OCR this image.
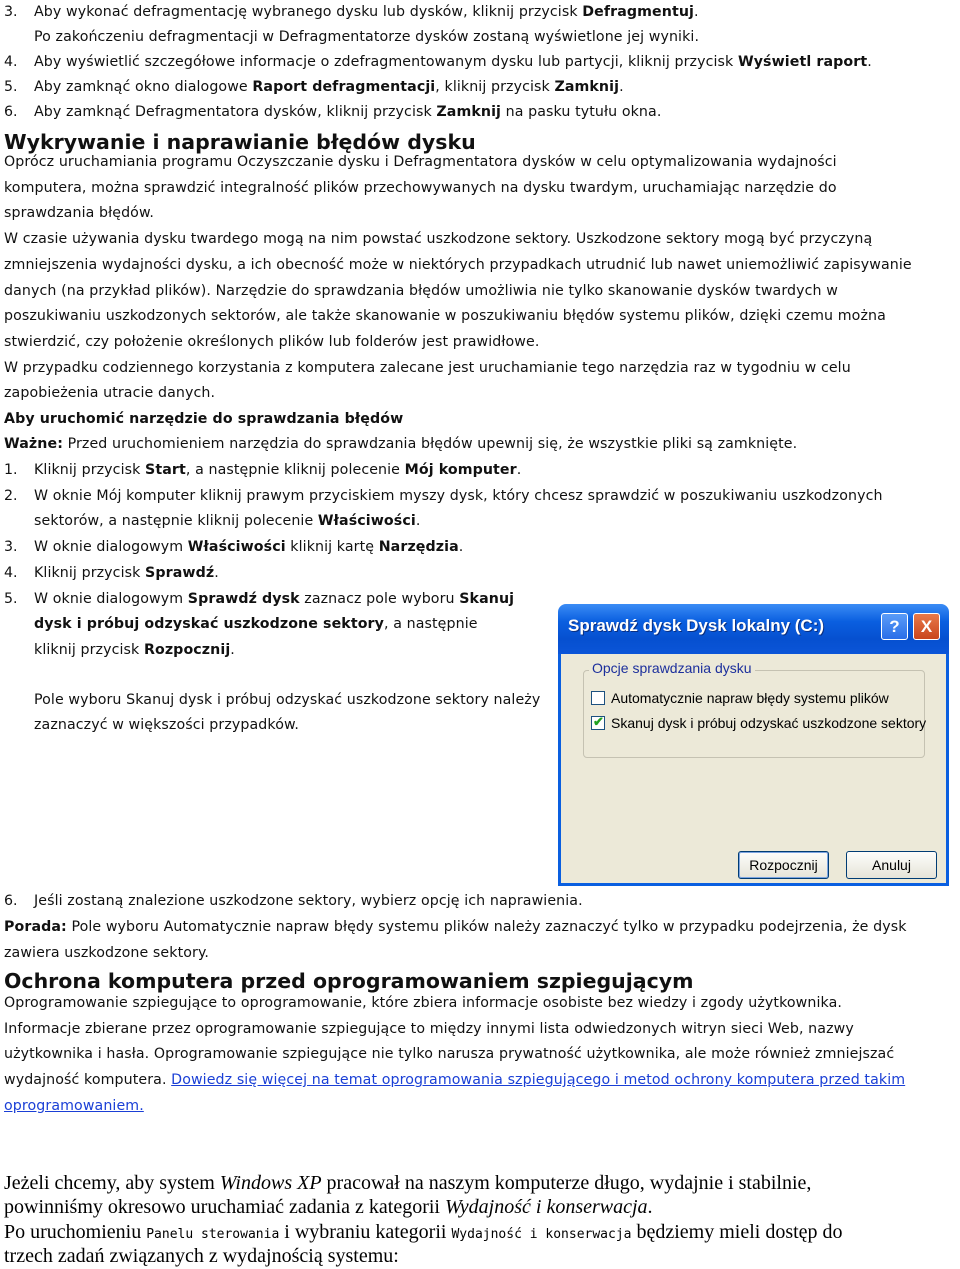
3. Aby wykonać defragmentację wybranego dysku lub dysków, kliknij przycisk Defragmentuj.
Po zakończeniu defragmentacji w Defragmentatorze dysków zostaną wyświetlone jej wyniki.
4. Aby wyświetlić szczegółowe informacje o zdefragmentowanym dysku lub partycji, kliknij przycisk Wyświetl raport.
5. Aby zamknąć okno dialogowe Raport defragmentacji, kliknij przycisk Zamknij.
6. Aby zamknąć Defragmentatora dysków, kliknij przycisk Zamknij na pasku tytułu okna.
Wykrywanie i naprawianie błędów dysku
Oprócz uruchamiania programu Oczyszczanie dysku i Defragmentatora dysków w celu optymalizowania wydajności
komputera, można sprawdzić integralność plików przechowywanych na dysku twardym, uruchamiając narzędzie do
sprawdzania błędów.
W czasie używania dysku twardego mogą na nim powstać uszkodzone sektory. Uszkodzone sektory mogą być przyczyną
zmniejszenia wydajności dysku, a ich obecność może w niektórych przypadkach utrudnić lub nawet uniemożliwić zapisywanie
danych (na przykład plików). Narzędzie do sprawdzania błędów umożliwia nie tylko skanowanie dysków twardych w
poszukiwaniu uszkodzonych sektorów, ale także skanowanie w poszukiwaniu błędów systemu plików, dzięki czemu można
stwierdzić, czy położenie określonych plików lub folderów jest prawidłowe.
W przypadku codziennego korzystania z komputera zalecane jest uruchamianie tego narzędzia raz w tygodniu w celu
zapobieżenia utracie danych.
Aby uruchomić narzędzie do sprawdzania błędów
Ważne: Przed uruchomieniem narzędzia do sprawdzania błędów upewnij się, że wszystkie pliki są zamknięte.
1. Kliknij przycisk Start, a następnie kliknij polecenie Mój komputer.
2. W oknie Mój komputer kliknij prawym przyciskiem myszy dysk, który chcesz sprawdzić w poszukiwaniu uszkodzonych
sektorów, a następnie kliknij polecenie Właściwości.
3. W oknie dialogowym Właściwości kliknij kartę Narzędzia.
4. Kliknij przycisk Sprawdź.
5. W oknie dialogowym Sprawdź dysk zaznacz pole wyboru Skanuj
dysk i próbuj odzyskać uszkodzone sektory, a następnie
kliknij przycisk Rozpocznij.
Pole wyboru Skanuj dysk i próbuj odzyskać uszkodzone sektory należy
zaznaczyć w większości przypadków.
Sprawdź dysk Dysk lokalny (C:)	?	X
Opcje sprawdzania dysku
Automatycznie napraw błędy systemu plików
✔ Skanuj dysk i próbuj odzyskać uszkodzone sektory
Rozpocznij	Anuluj
6. Jeśli zostaną znalezione uszkodzone sektory, wybierz opcję ich naprawienia.
Porada: Pole wyboru Automatycznie napraw błędy systemu plików należy zaznaczyć tylko w przypadku podejrzenia, że dysk
zawiera uszkodzone sektory.
Ochrona komputera przed oprogramowaniem szpiegującym
Oprogramowanie szpiegujące to oprogramowanie, które zbiera informacje osobiste bez wiedzy i zgody użytkownika.
Informacje zbierane przez oprogramowanie szpiegujące to między innymi lista odwiedzonych witryn sieci Web, nazwy
użytkownika i hasła. Oprogramowanie szpiegujące nie tylko narusza prywatność użytkownika, ale może również zmniejszać
wydajność komputera. Dowiedz się więcej na temat oprogramowania szpiegującego i metod ochrony komputera przed takim
oprogramowaniem.
Jeżeli chcemy, aby system Windows XP pracował na naszym komputerze długo, wydajnie i stabilnie,
powinniśmy okresowo uruchamiać zadania z kategorii Wydajność i konserwacja.
Po uruchomieniu Panelu sterowania i wybraniu kategorii Wydajność i konserwacja będziemy mieli dostęp do
trzech zadań związanych z wydajnością systemu:
